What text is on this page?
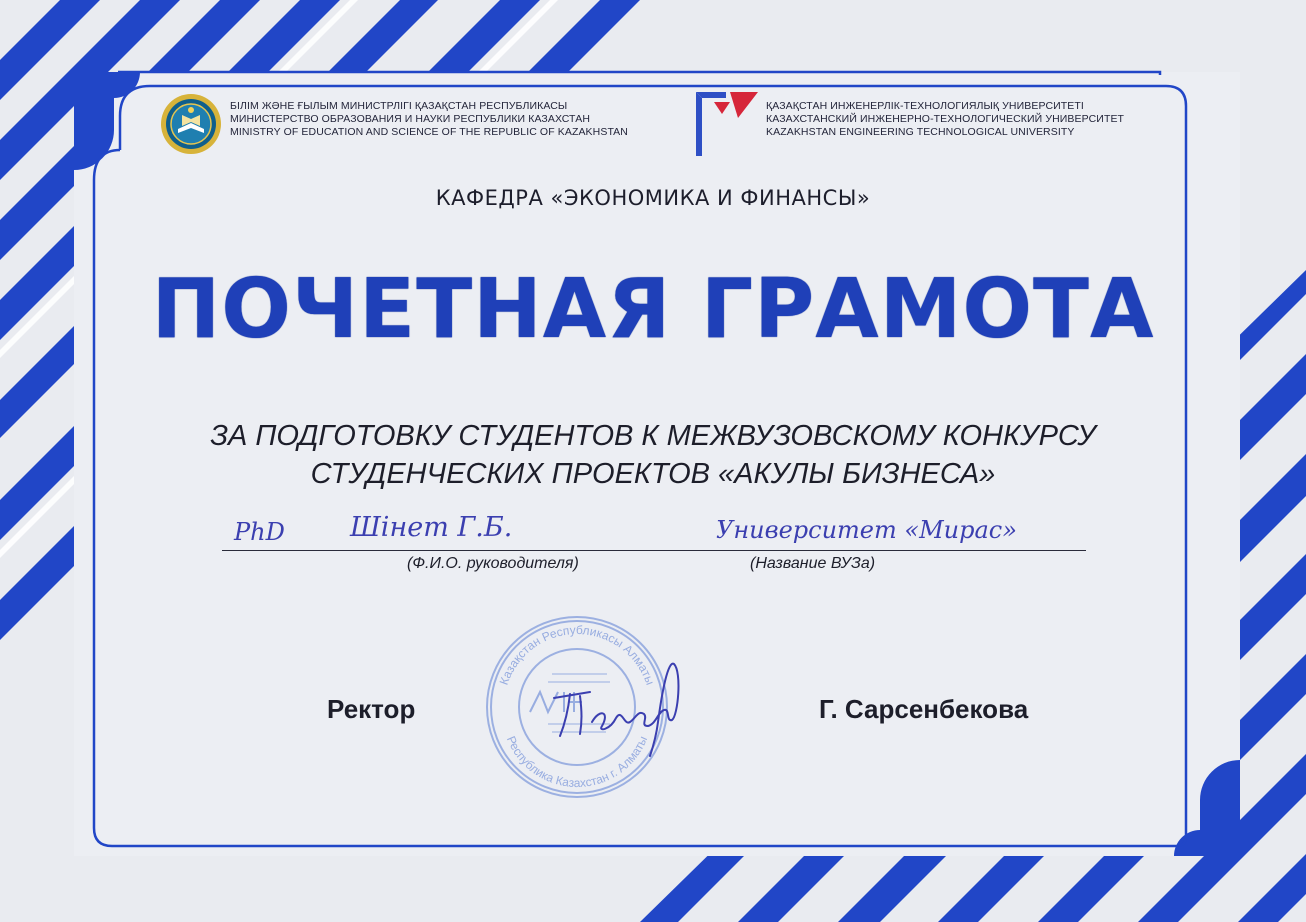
БІЛІМ ЖӘНЕ ҒЫЛЫМ МИНИСТРЛІГІ ҚАЗАҚСТАН РЕСПУБЛИКАСЫ
МИНИСТЕРСТВО ОБРАЗОВАНИЯ И НАУКИ РЕСПУБЛИКИ КАЗАХСТАН
MINISTRY OF EDUCATION AND SCIENCE OF THE REPUBLIC OF KAZAKHSTAN
ҚАЗАҚСТАН ИНЖЕНЕРЛІК-ТЕХНОЛОГИЯЛЫҚ УНИВЕРСИТЕТІ
КАЗАХСТАНСКИЙ ИНЖЕНЕРНО-ТЕХНОЛОГИЧЕСКИЙ УНИВЕРСИТЕТ
KAZAKHSTAN ENGINEERING TECHNOLOGICAL UNIVERSITY
КАФЕДРА «ЭКОНОМИКА И ФИНАНСЫ»
ПОЧЕТНАЯ ГРАМОТА
ЗА ПОДГОТОВКУ СТУДЕНТОВ К МЕЖВУЗОВСКОМУ КОНКУРСУ
СТУДЕНЧЕСКИХ ПРОЕКТОВ «АКУЛЫ БИЗНЕСА»
PhD Шінет Г.Б.	Университет «Мирас»
(Ф.И.О. руководителя)	(Название ВУЗа)
Казақстан Республикасы Алматы
Республика Казахстан г. Алматы
Ректор	Г. Сарсенбекова
